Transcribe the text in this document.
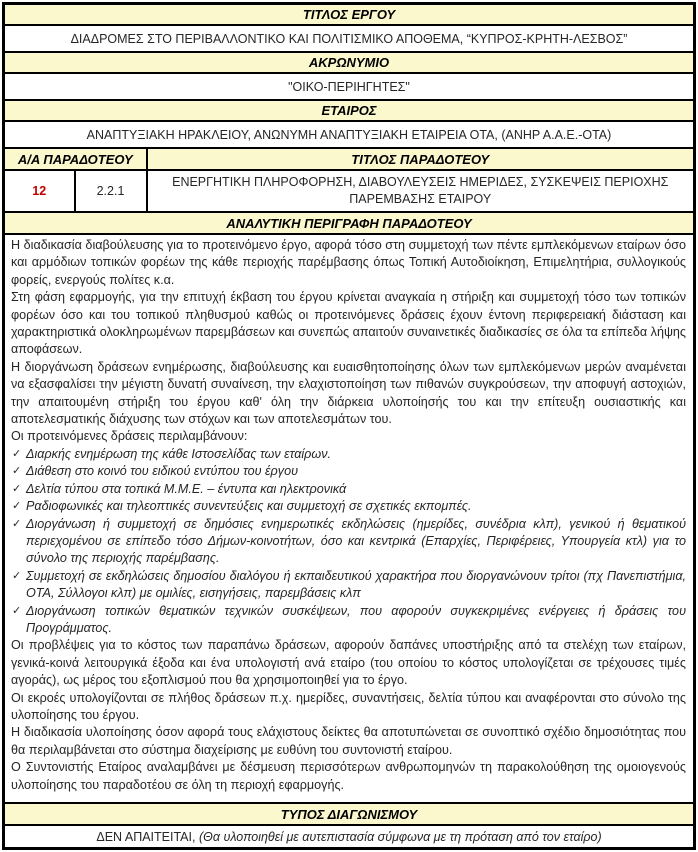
ΤΙΤΛΟΣ ΕΡΓΟΥ		
ΔΙΑΔΡΟΜΕΣ ΣΤΟ ΠΕΡΙΒΑΛΛΟΝΤΙΚΟ ΚΑΙ ΠΟΛΙΤΙΣΜΙΚΟ ΑΠΟΘΕΜΑ, “ΚΥΠΡΟΣ-ΚΡΗΤΗ-ΛΕΣΒΟΣ”		
ΑΚΡΩΝΥΜΙΟ		
"ΟΙΚΟ-ΠΕΡΙΗΓΗΤΕΣ"		
ΕΤΑΙΡΟΣ		
ΑΝΑΠΤΥΞΙΑΚΗ ΗΡΑΚΛΕΙΟΥ, ΑΝΩΝΥΜΗ ΑΝΑΠΤΥΞΙΑΚΗ ΕΤΑΙΡΕΙΑ ΟΤΑ, (ΑΝΗΡ Α.Α.Ε.-ΟΤΑ)		
Α/Α ΠΑΡΑΔΟΤΕΟΥ		ΤΙΤΛΟΣ ΠΑΡΑΔΟΤΕΟΥ
12	2.2.1	ΕΝΕΡΓΗΤΙΚΗ ΠΛΗΡΟΦΟΡΗΣΗ, ΔΙΑΒΟΥΛΕΥΣΕΙΣ ΗΜΕΡΙΔΕΣ, ΣΥΣΚΕΨΕΙΣ ΠΕΡΙΟΧΗΣ ΠΑΡΕΜΒΑΣΗΣ ΕΤΑΙΡΟΥ
ΑΝΑΛΥΤΙΚΗ ΠΕΡΙΓΡΑΦΗ ΠΑΡΑΔΟΤΕΟΥ		

Η διαδικασία διαβούλευσης για το προτεινόμενο έργο, αφορά τόσο στη συμμετοχή των πέντε εμπλεκόμενων εταίρων όσο και αρμόδιων τοπικών φορέων της κάθε περιοχής παρέμβασης όπως Τοπική Αυτοδιοίκηση, Επιμελητήρια, συλλογικούς φορείς, ενεργούς πολίτες κ.α.
Στη φάση εφαρμογής, για την επιτυχή έκβαση του έργου κρίνεται αναγκαία η στήριξη και συμμετοχή τόσο των τοπικών φορέων όσο και του τοπικού πληθυσμού καθώς οι προτεινόμενες δράσεις έχουν έντονη περιφερειακή διάσταση και χαρακτηριστικά ολοκληρωμένων παρεμβάσεων και συνεπώς απαιτούν συναινετικές διαδικασίες σε όλα τα επίπεδα λήψης αποφάσεων.
Η διοργάνωση δράσεων ενημέρωσης, διαβούλευσης και ευαισθητοποίησης όλων των εμπλεκόμενων μερών αναμένεται να εξασφαλίσει την μέγιστη δυνατή συναίνεση, την ελαχιστοποίηση των πιθανών συγκρούσεων, την αποφυγή αστοχιών, την απαιτουμένη στήριξη του έργου καθ' όλη την διάρκεια υλοποίησής του και την επίτευξη ουσιαστικής και αποτελεσματικής διάχυσης των στόχων και των αποτελεσμάτων του.
Οι προτεινόμενες δράσεις περιλαμβάνουν:
✓ Διαρκής ενημέρωση της κάθε Ιστοσελίδας των εταίρων.
✓ Διάθεση στο κοινό του ειδικού εντύπου του έργου
✓ Δελτία τύπου στα τοπικά Μ.Μ.Ε. – έντυπα και ηλεκτρονικά
✓ Ραδιοφωνικές και τηλεοπτικές συνεντεύξεις και συμμετοχή σε σχετικές εκπομπές.
✓ Διοργάνωση ή συμμετοχή σε δημόσιες ενημερωτικές εκδηλώσεις (ημερίδες, συνέδρια κλπ), γενικού ή θεματικού περιεχομένου σε επίπεδο τόσο Δήμων-κοινοτήτων, όσο και κεντρικά (Επαρχίες, Περιφέρειες, Υπουργεία κτλ) για το σύνολο της περιοχής παρέμβασης.
✓ Συμμετοχή σε εκδηλώσεις δημοσίου διαλόγου ή εκπαιδευτικού χαρακτήρα που διοργανώνουν τρίτοι (πχ Πανεπιστήμια, ΟΤΑ, Σύλλογοι κλπ) με ομιλίες, εισηγήσεις, παρεμβάσεις κλπ
✓ Διοργάνωση τοπικών θεματικών τεχνικών συσκέψεων, που αφορούν συγκεκριμένες ενέργειες ή δράσεις του Προγράμματος.
Οι προβλέψεις για το κόστος των παραπάνω δράσεων, αφορούν δαπάνες υποστήριξης από τα στελέχη των εταίρων, γενικά-κοινά λειτουργικά έξοδα και ένα υπολογιστή ανά εταίρο (του οποίου το κόστος υπολογίζεται σε τρέχουσες τιμές αγοράς), ως μέρος του εξοπλισμού που θα χρησιμοποιηθεί για το έργο.
Οι εκροές υπολογίζονται σε πλήθος δράσεων π.χ. ημερίδες, συναντήσεις, δελτία τύπου και αναφέρονται στο σύνολο της υλοποίησης του έργου.
Η διαδικασία υλοποίησης όσον αφορά τους ελάχιστους δείκτες θα αποτυπώνεται σε συνοπτικό σχέδιο δημοσιότητας που θα περιλαμβάνεται στο σύστημα διαχείρισης με ευθύνη του συντονιστή εταίρου.
Ο Συντονιστής Εταίρος αναλαμβάνει με δέσμευση περισσότερων ανθρωπομηνών τη παρακολούθηση της ομοιογενούς υλοποίησης του παραδοτέου σε όλη τη περιοχή εφαρμογής.

ΤΥΠΟΣ ΔΙΑΓΩΝΙΣΜΟΥ		
ΔΕΝ ΑΠΑΙΤΕΙΤΑΙ, (Θα υλοποιηθεί με αυτεπιστασία σύμφωνα με τη πρόταση από τον εταίρο)		
